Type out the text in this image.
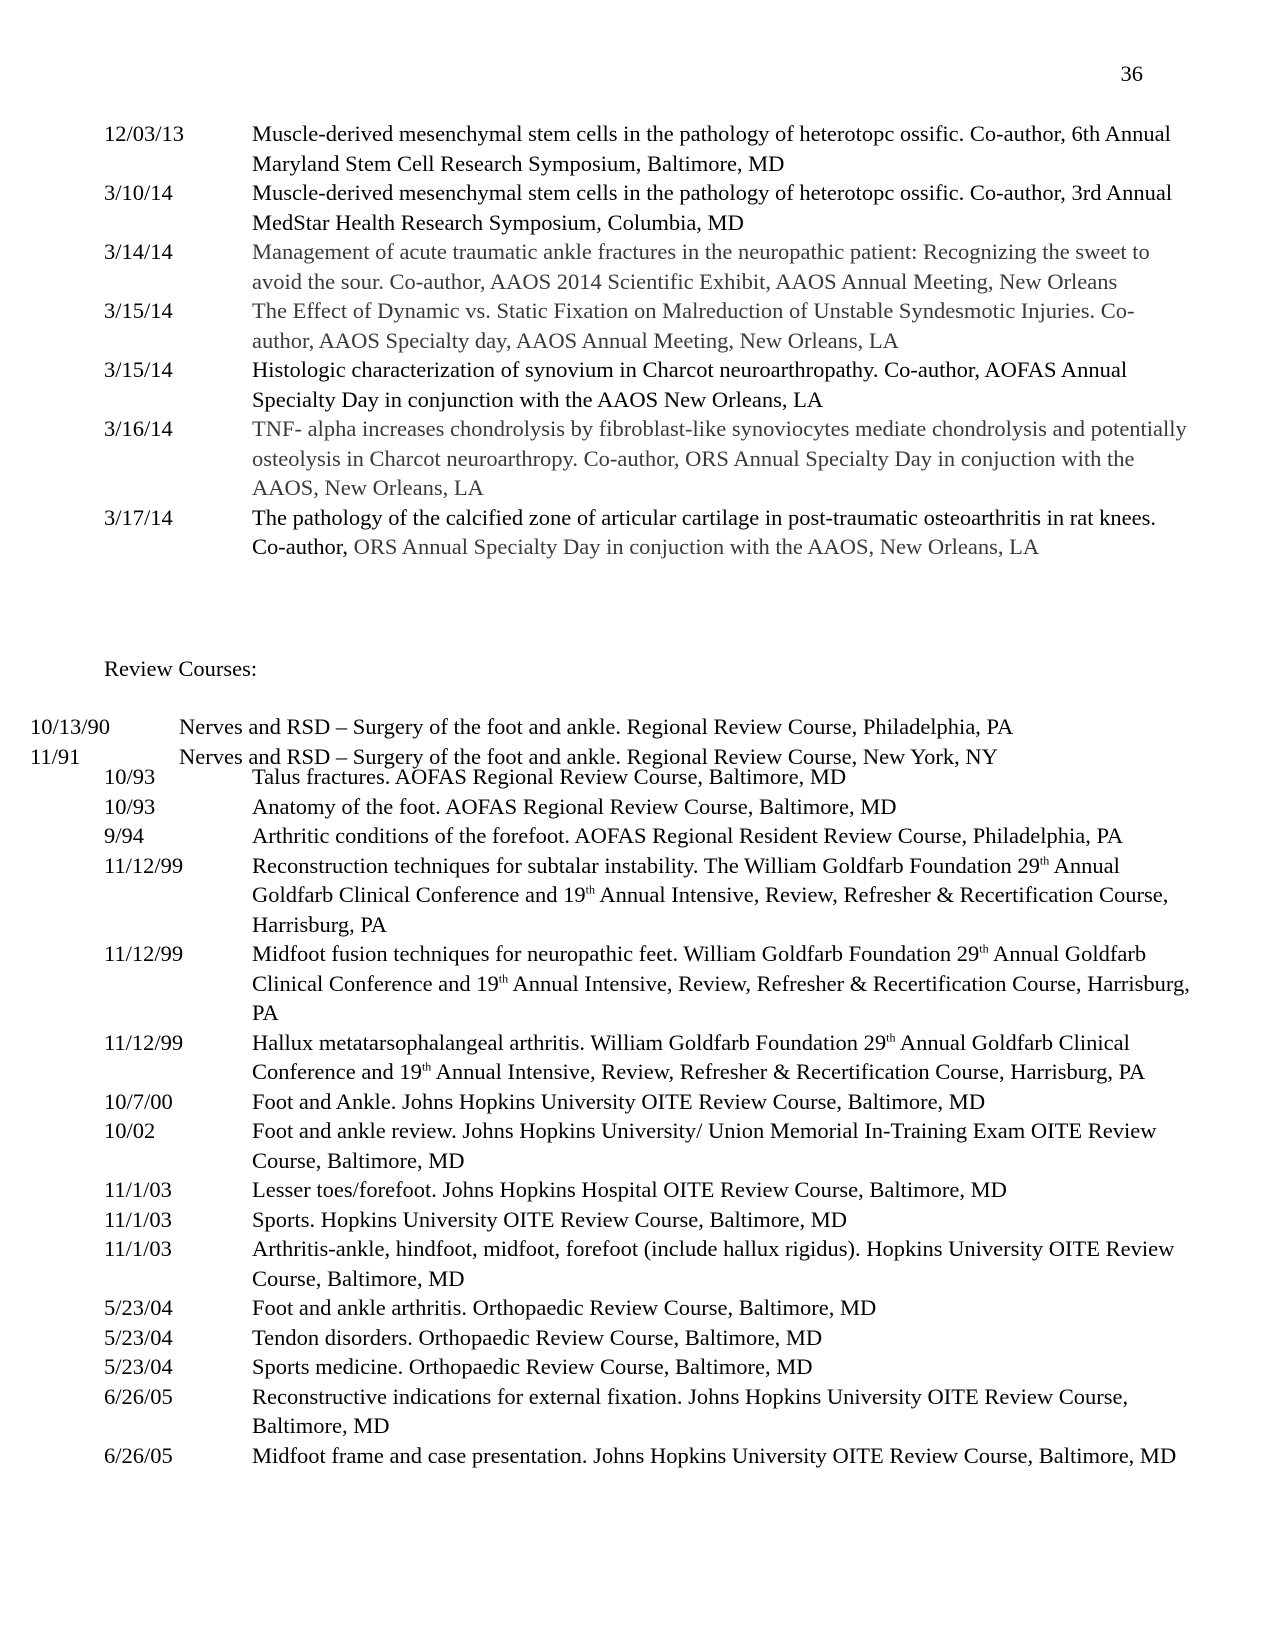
36
12/03/13	Muscle-derived mesenchymal stem cells in the pathology of heterotopc ossific. Co-author, 6th Annual Maryland Stem Cell Research Symposium, Baltimore, MD
3/10/14	Muscle-derived mesenchymal stem cells in the pathology of heterotopc ossific. Co-author, 3rd Annual MedStar Health Research Symposium, Columbia, MD
3/14/14	Management of acute traumatic ankle fractures in the neuropathic patient: Recognizing the sweet to avoid the sour. Co-author, AAOS 2014 Scientific Exhibit, AAOS Annual Meeting, New Orleans
3/15/14	The Effect of Dynamic vs. Static Fixation on Malreduction of Unstable Syndesmotic Injuries. Co-author, AAOS Specialty day, AAOS Annual Meeting, New Orleans, LA
3/15/14	Histologic characterization of synovium in Charcot neuroarthropathy. Co-author, AOFAS Annual Specialty Day in conjunction with the AAOS New Orleans, LA
3/16/14	TNF- alpha increases chondrolysis by fibroblast-like synoviocytes mediate chondrolysis and potentially osteolysis in Charcot neuroarthropy. Co-author, ORS Annual Specialty Day in conjuction with the AAOS, New Orleans, LA
3/17/14	The pathology of the calcified zone of articular cartilage in post-traumatic osteoarthritis in rat knees. Co-author, ORS Annual Specialty Day in conjuction with the AAOS, New Orleans, LA
Review Courses:
10/13/90	Nerves and RSD – Surgery of the foot and ankle. Regional Review Course, Philadelphia, PA
11/91	Nerves and RSD – Surgery of the foot and ankle. Regional Review Course, New York, NY
10/93	Talus fractures. AOFAS Regional Review Course, Baltimore, MD
10/93	Anatomy of the foot. AOFAS Regional Review Course, Baltimore, MD
9/94	Arthritic conditions of the forefoot. AOFAS Regional Resident Review Course, Philadelphia, PA
11/12/99	Reconstruction techniques for subtalar instability. The William Goldfarb Foundation 29th Annual Goldfarb Clinical Conference and 19th Annual Intensive, Review, Refresher & Recertification Course, Harrisburg, PA
11/12/99	Midfoot fusion techniques for neuropathic feet. William Goldfarb Foundation 29th Annual Goldfarb Clinical Conference and 19th Annual Intensive, Review, Refresher & Recertification Course, Harrisburg, PA
11/12/99	Hallux metatarsophalangeal arthritis. William Goldfarb Foundation 29th Annual Goldfarb Clinical Conference and 19th Annual Intensive, Review, Refresher & Recertification Course, Harrisburg, PA
10/7/00	Foot and Ankle. Johns Hopkins University OITE Review Course, Baltimore, MD
10/02	Foot and ankle review. Johns Hopkins University/ Union Memorial In-Training Exam OITE Review Course, Baltimore, MD
11/1/03	Lesser toes/forefoot. Johns Hopkins Hospital OITE Review Course, Baltimore, MD
11/1/03	Sports. Hopkins University OITE Review Course, Baltimore, MD
11/1/03	Arthritis-ankle, hindfoot, midfoot, forefoot (include hallux rigidus). Hopkins University OITE Review Course, Baltimore, MD
5/23/04	Foot and ankle arthritis. Orthopaedic Review Course, Baltimore, MD
5/23/04	Tendon disorders. Orthopaedic Review Course, Baltimore, MD
5/23/04	Sports medicine. Orthopaedic Review Course, Baltimore, MD
6/26/05	Reconstructive indications for external fixation. Johns Hopkins University OITE Review Course, Baltimore, MD
6/26/05	Midfoot frame and case presentation. Johns Hopkins University OITE Review Course, Baltimore, MD
